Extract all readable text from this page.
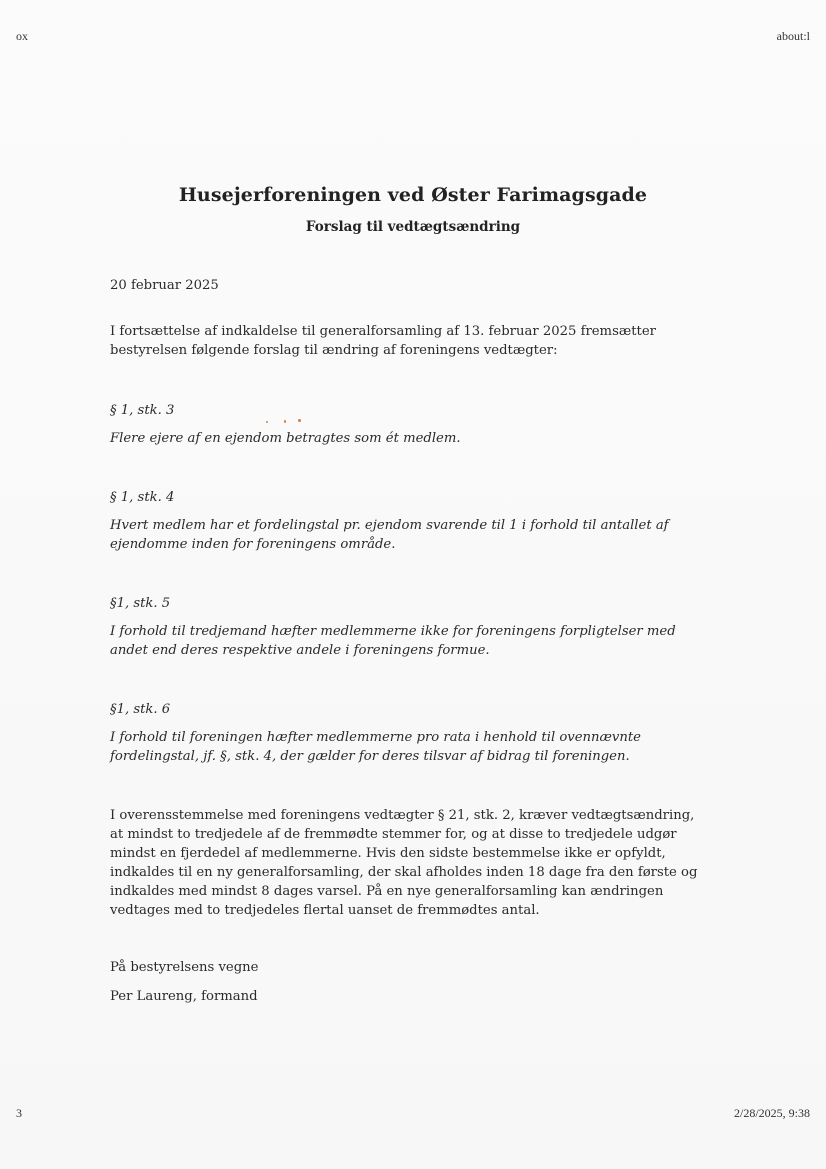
ox	about:l
Husejerforeningen ved Øster Farimagsgade
Forslag til vedtægtsændring
20 februar 2025
I fortsættelse af indkaldelse til generalforsamling af 13. februar 2025 fremsætter bestyrelsen følgende forslag til ændring af foreningens vedtægter:
§ 1, stk. 3
Flere ejere af en ejendom betragtes som ét medlem.
§ 1, stk. 4
Hvert medlem har et fordelingstal pr. ejendom svarende til 1 i forhold til antallet af ejendomme inden for foreningens område.
§1, stk. 5
I forhold til tredjemand hæfter medlemmerne ikke for foreningens forpligtelser med andet end deres respektive andele i foreningens formue.
§1, stk. 6
I forhold til foreningen hæfter medlemmerne pro rata i henhold til ovennævnte fordelingstal, jf. §, stk. 4, der gælder for deres tilsvar af bidrag til foreningen.
I overensstemmelse med foreningens vedtægter § 21, stk. 2, kræver vedtægtsændring, at mindst to tredjedele af de fremmødte stemmer for, og at disse to tredjedele udgør mindst en fjerdedel af medlemmerne. Hvis den sidste bestemmelse ikke er opfyldt, indkaldes til en ny generalforsamling, der skal afholdes inden 18 dage fra den første og indkaldes med mindst 8 dages varsel. På en nye generalforsamling kan ændringen vedtages med to tredjedeles flertal uanset de fremmødtes antal.
På bestyrelsens vegne
Per Laureng, formand
3	2/28/2025, 9:38
